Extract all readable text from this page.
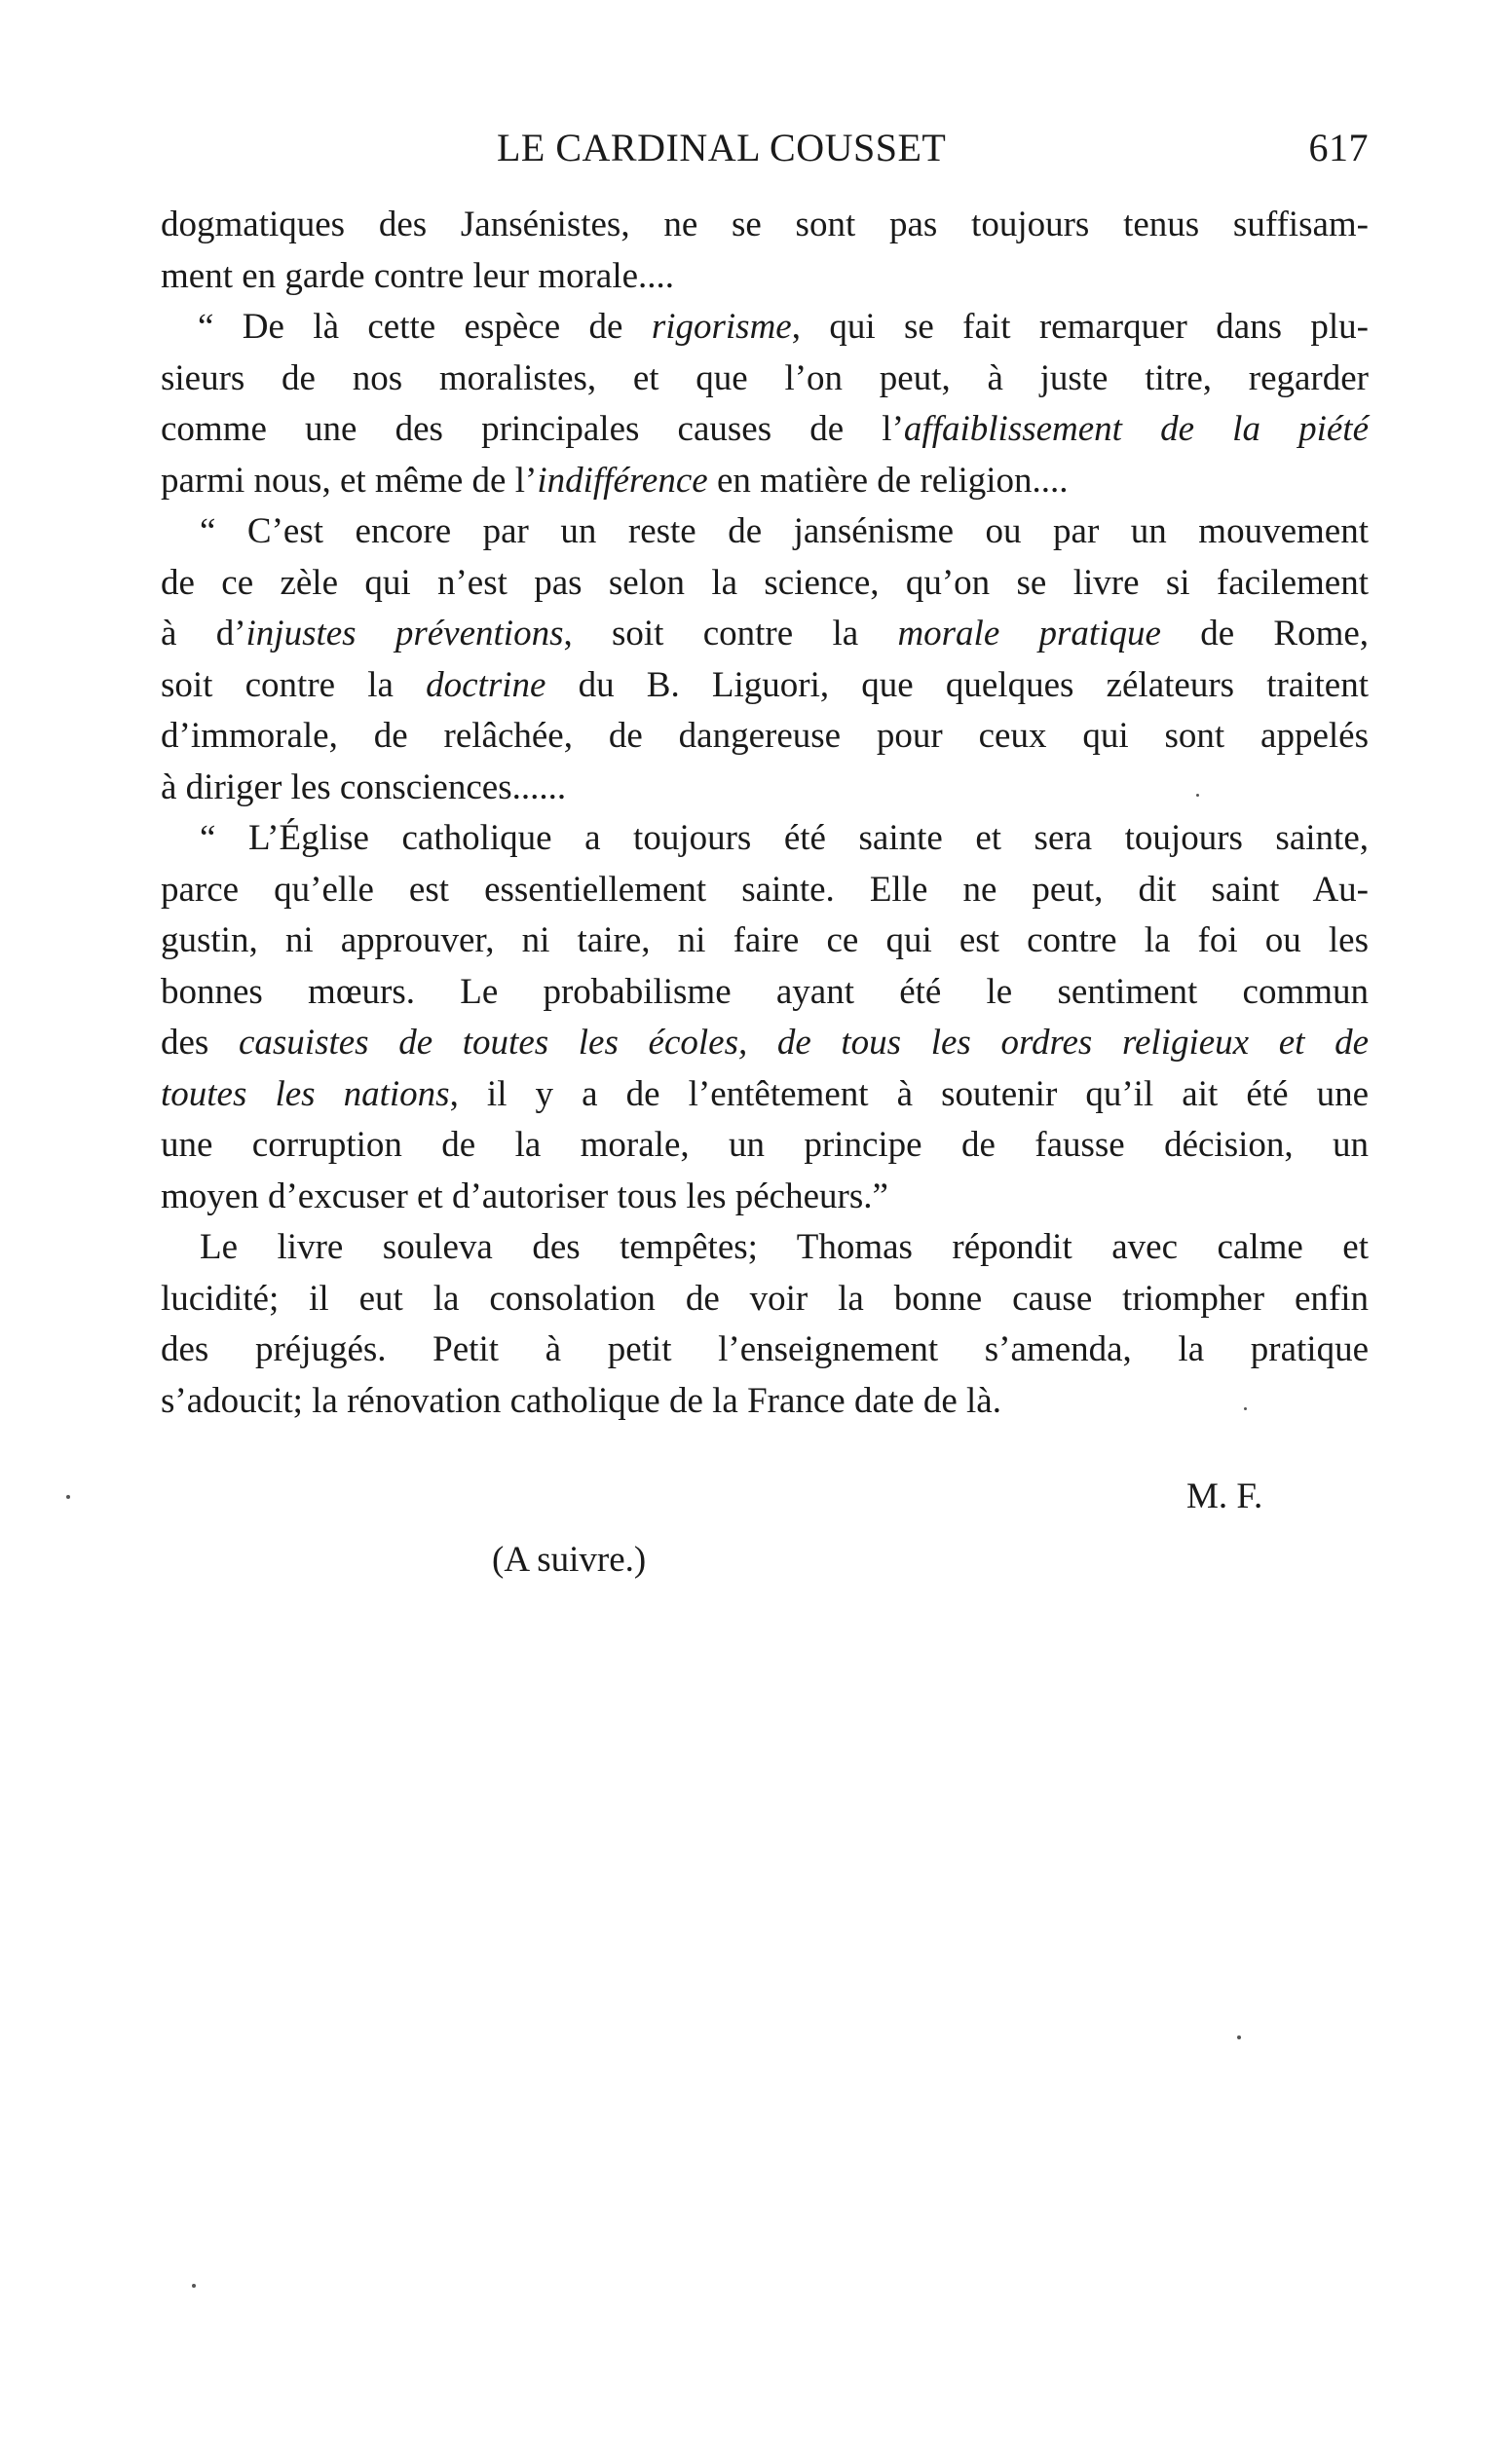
LE CARDINAL COUSSET	617
dogmatiques des Jansénistes, ne se sont pas toujours tenus suffisam-
ment en garde contre leur morale....
“ De là cette espèce de rigorisme, qui se fait remarquer dans plu-
sieurs de nos moralistes, et que l’on peut, à juste titre, regarder
comme une des principales causes de l’affaiblissement de la piété
parmi nous, et même de l’indifférence en matière de religion....
“ C’est encore par un reste de jansénisme ou par un mouvement
de ce zèle qui n’est pas selon la science, qu’on se livre si facilement
à d’injustes préventions, soit contre la morale pratique de Rome,
soit contre la doctrine du B. Liguori, que quelques zélateurs traitent
d’immorale, de relâchée, de dangereuse pour ceux qui sont appelés
à diriger les consciences......
“ L’Église catholique a toujours été sainte et sera toujours sainte,
parce qu’elle est essentiellement sainte. Elle ne peut, dit saint Au-
gustin, ni approuver, ni taire, ni faire ce qui est contre la foi ou les
bonnes mœurs. Le probabilisme ayant été le sentiment commun
des casuistes de toutes les écoles, de tous les ordres religieux et de
toutes les nations, il y a de l’entêtement à soutenir qu’il ait été une
une corruption de la morale, un principe de fausse décision, un
moyen d’excuser et d’autoriser tous les pécheurs.”
Le livre souleva des tempêtes; Thomas répondit avec calme et
lucidité; il eut la consolation de voir la bonne cause triompher enfin
des préjugés. Petit à petit l’enseignement s’amenda, la pratique
s’adoucit; la rénovation catholique de la France date de là.
M. F.
(A suivre.)
